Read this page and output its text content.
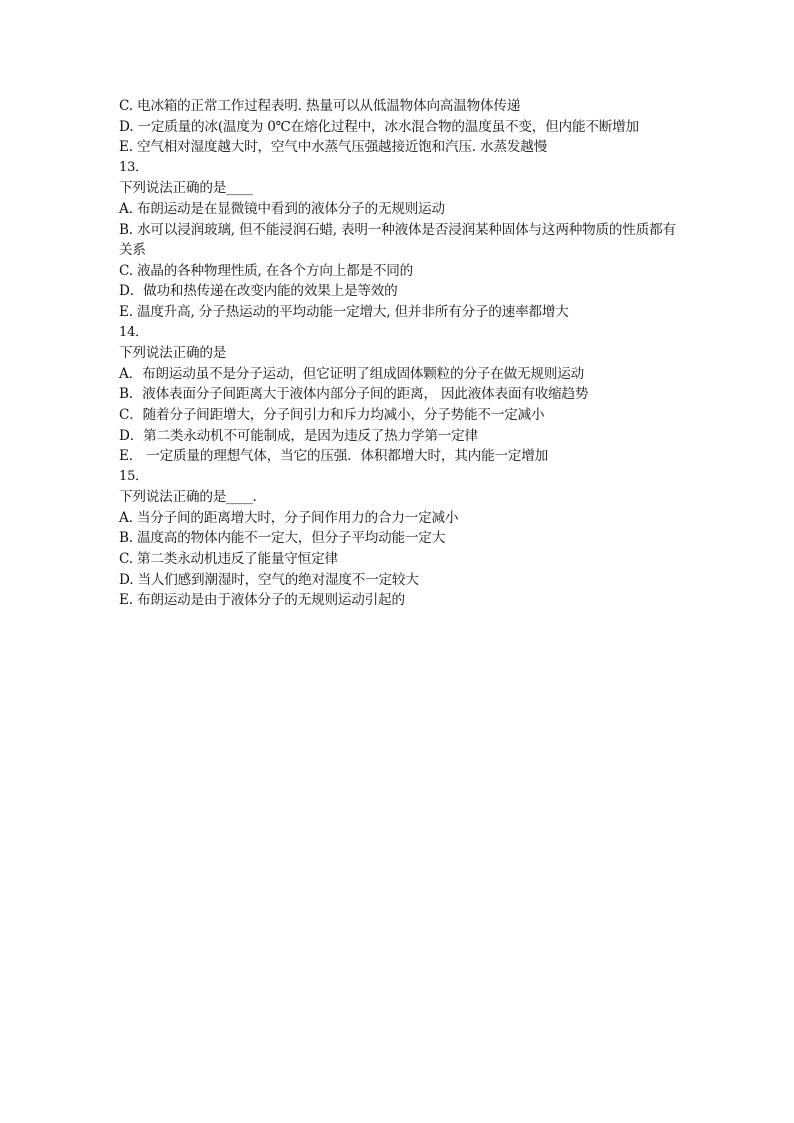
C. 电冰箱的正常工作过程表明. 热量可以从低温物体向高温物体传递
D. 一定质量的冰(温度为 0℃在熔化过程中，冰水混合物的温度虽不变，但内能不断增加
E. 空气相对湿度越大时，空气中水蒸气压强越接近饱和汽压. 水蒸发越慢
13．
下列说法正确的是____
A. 布朗运动是在显微镜中看到的液体分子的无规则运动
B. 水可以浸润玻璃, 但不能浸润石蜡, 表明一种液体是否浸润某种固体与这两种物质的性质都有关系
C. 液晶的各种物理性质, 在各个方向上都是不同的
D．做功和热传递在改变内能的效果上是等效的
E. 温度升高, 分子热运动的平均动能一定增大, 但并非所有分子的速率都增大
14．
下列说法正确的是
A．布朗运动虽不是分子运动，但它证明了组成固体颗粒的分子在做无规则运动
B．液体表面分子间距离大于液体内部分子间的距离， 因此液体表面有收缩趋势
C．随着分子间距增大，分子间引力和斥力均减小，分子势能不一定减小
D．第二类永动机不可能制成，是因为违反了热力学第一定律
E． 一定质量的理想气体，当它的压强．体积都增大时，其内能一定增加
15．
下列说法正确的是____.
A. 当分子间的距离增大时，分子间作用力的合力一定减小
B. 温度高的物体内能不一定大，但分子平均动能一定大
C. 第二类永动机违反了能量守恒定律
D. 当人们感到潮湿时，空气的绝对湿度不一定较大
E. 布朗运动是由于液体分子的无规则运动引起的
